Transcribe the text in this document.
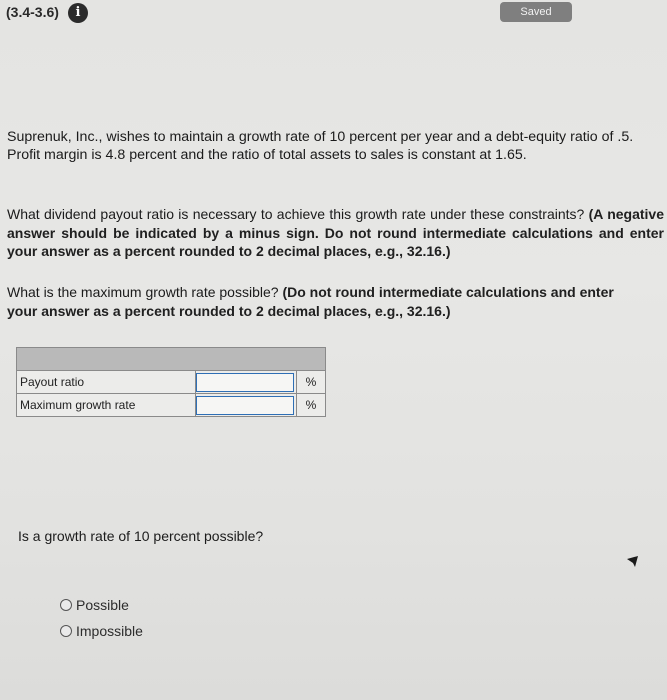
(3.4-3.6)	i	Saved
Suprenuk, Inc., wishes to maintain a growth rate of 10 percent per year and a debt-equity ratio of .5. Profit margin is 4.8 percent and the ratio of total assets to sales is constant at 1.65.
What dividend payout ratio is necessary to achieve this growth rate under these constraints? (A negative answer should be indicated by a minus sign. Do not round intermediate calculations and enter your answer as a percent rounded to 2 decimal places, e.g., 32.16.)
What is the maximum growth rate possible? (Do not round intermediate calculations and enter your answer as a percent rounded to 2 decimal places, e.g., 32.16.)

Payout ratio		%
Maximum growth rate		%
Is a growth rate of 10 percent possible?
Possible
Impossible
